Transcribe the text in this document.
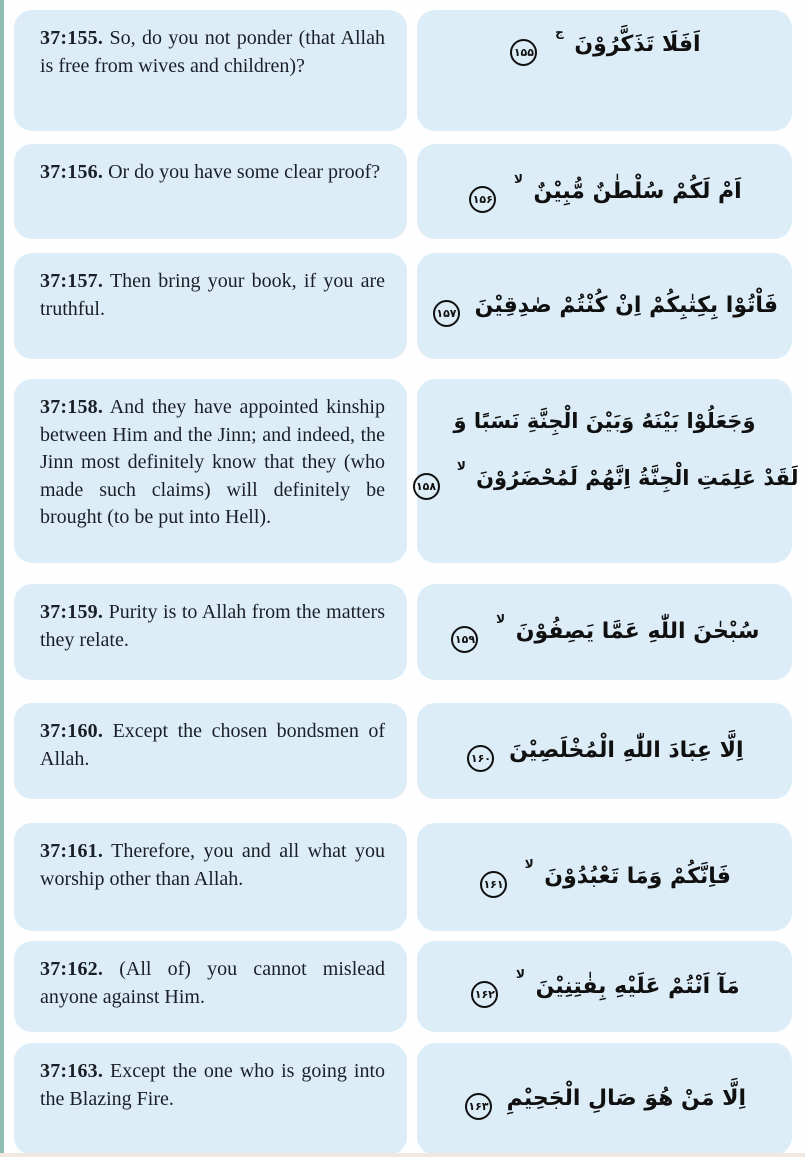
37:155. So, do you not ponder (that Allah is free from wives and children)?

اَفَلَا تَذَكَّرُوْنَ $^ج$
۱۵۵

37:156. Or do you have some clear proof?

اَمْ لَكُمْ سُلْطٰنٌ مُّبِيْنٌ $^{لا}$
۱۵۶

37:157. Then bring your book, if you are truthful.	فَاْتُوْا بِكِتٰبِكُمْ اِنْ كُنْتُمْ صٰدِقِيْنَ
۱۵۷

37:158. And they have appointed kinship between Him and the Jinn; and indeed, the Jinn most definitely know that they (who made such claims) will definitely be brought (to be put into Hell).

وَجَعَلُوْا بَيْنَهُ وَبَيْنَ الْجِنَّةِ نَسَبًا وَ
لَقَدْ عَلِمَتِ الْجِنَّةُ اِنَّهُمْ لَمُحْضَرُوْنَ $^{لا}$
۱۵۸

37:159. Purity is to Allah from the matters they relate.	سُبْحٰنَ اللّٰهِ عَمَّا يَصِفُوْنَ $^{لا}$
۱۵۹

37:160. Except the chosen bondsmen of Allah.	اِلَّا عِبَادَ اللّٰهِ الْمُخْلَصِيْنَ
۱۶۰

37:161. Therefore, you and all what you worship other than Allah.	فَاِنَّكُمْ وَمَا تَعْبُدُوْنَ $^{لا}$
۱۶۱

37:162. (All of) you cannot mislead anyone against Him.	مَآ اَنْتُمْ عَلَيْهِ بِفٰتِنِيْنَ $^{لا}$
۱۶۲

37:163. Except the one who is going into the Blazing Fire.	اِلَّا مَنْ هُوَ صَالِ الْجَحِيْمِ
۱۶۳
